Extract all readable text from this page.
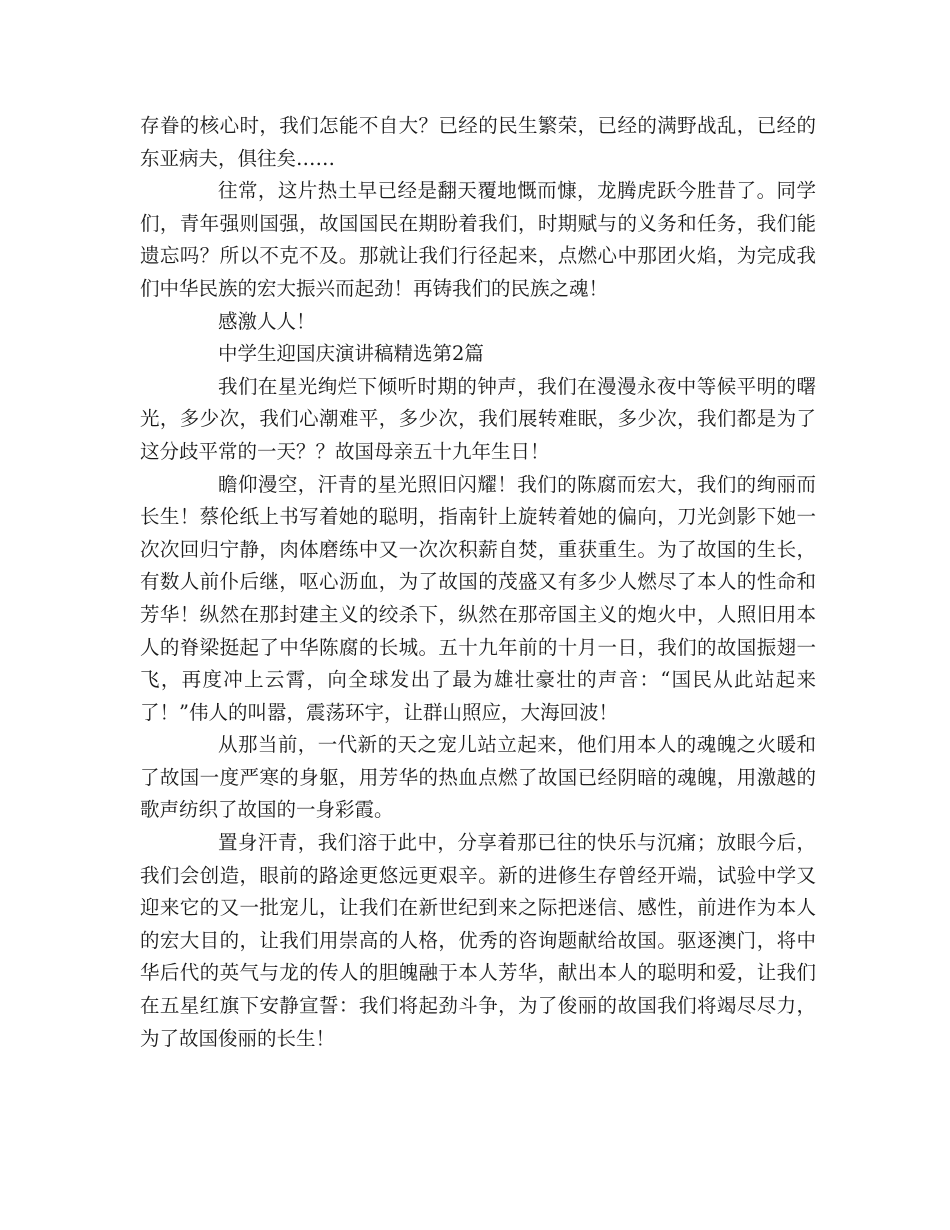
存眷的核心时，我们怎能不自大？已经的民生繁荣，已经的满野战乱，已经的东亚病夫，俱往矣……

往常，这片热土早已经是翻天覆地慨而慷，龙腾虎跃今胜昔了。同学们，青年强则国强，故国国民在期盼着我们，时期赋与的义务和任务，我们能遗忘吗？所以不克不及。那就让我们行径起来，点燃心中那团火焰，为完成我们中华民族的宏大振兴而起劲！再铸我们的民族之魂！

感激人人！

中学生迎国庆演讲稿精选第2篇

我们在星光绚烂下倾听时期的钟声，我们在漫漫永夜中等候平明的曙光，多少次，我们心潮难平，多少次，我们展转难眠，多少次，我们都是为了这分歧平常的一天？？故国母亲五十九年生日！

瞻仰漫空，汗青的星光照旧闪耀！我们的陈腐而宏大，我们的绚丽而长生！蔡伦纸上书写着她的聪明，指南针上旋转着她的偏向，刀光剑影下她一次次回归宁静，肉体磨练中又一次次积薪自焚，重获重生。为了故国的生长，有数人前仆后继，呕心沥血，为了故国的茂盛又有多少人燃尽了本人的性命和芳华！纵然在那封建主义的绞杀下，纵然在那帝国主义的炮火中，人照旧用本人的脊梁挺起了中华陈腐的长城。五十九年前的十月一日，我们的故国振翅一飞，再度冲上云霄，向全球发出了最为雄壮豪壮的声音：“国民从此站起来了！”伟人的叫嚣，震荡环宇，让群山照应，大海回波！

从那当前，一代新的天之宠儿站立起来，他们用本人的魂魄之火暖和了故国一度严寒的身躯，用芳华的热血点燃了故国已经阴暗的魂魄，用激越的歌声纺织了故国的一身彩霞。

置身汗青，我们溶于此中，分享着那已往的快乐与沉痛；放眼今后，我们会创造，眼前的路途更悠远更艰辛。新的进修生存曾经开端，试验中学又迎来它的又一批宠儿，让我们在新世纪到来之际把迷信、感性，前进作为本人的宏大目的，让我们用崇高的人格，优秀的咨询题献给故国。驱逐澳门，将中华后代的英气与龙的传人的胆魄融于本人芳华，献出本人的聪明和爱，让我们在五星红旗下安静宣誓：我们将起劲斗争，为了俊丽的故国我们将竭尽尽力，为了故国俊丽的长生！
